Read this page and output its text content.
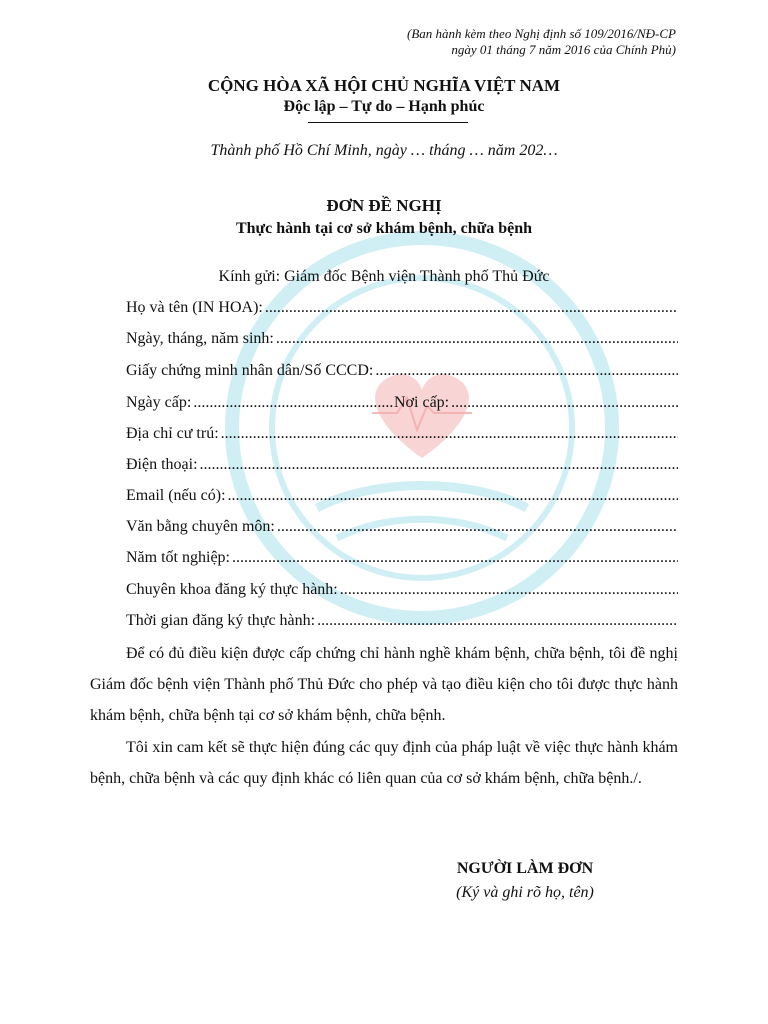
(Ban hành kèm theo Nghị định số 109/2016/NĐ-CP
ngày 01 tháng 7 năm 2016 của Chính Phủ)
CỘNG HÒA XÃ HỘI CHỦ NGHĨA VIỆT NAM
Độc lập – Tự do – Hạnh phúc
Thành phố Hồ Chí Minh, ngày … tháng … năm 202…
ĐƠN ĐỀ NGHỊ
Thực hành tại cơ sở khám bệnh, chữa bệnh
Kính gửi: Giám đốc Bệnh viện Thành phố Thủ Đức
Họ và tên (IN HOA):
.....
Ngày, tháng, năm sinh:
.....
Giấy chứng minh nhân dân/Số CCCD:
.....
Ngày cấp:
.....	Nơi cấp:
.....
Địa chỉ cư trú:
.....
Điện thoại:
.....
Email (nếu có):
.....
Văn bằng chuyên môn:
.....
Năm tốt nghiệp:
.....
Chuyên khoa đăng ký thực hành:
.....
Thời gian đăng ký thực hành:
.....
Để có đủ điều kiện được cấp chứng chỉ hành nghề khám bệnh, chữa bệnh, tôi đề nghị Giám đốc bệnh viện Thành phố Thủ Đức cho phép và tạo điều kiện cho tôi được thực hành khám bệnh, chữa bệnh tại cơ sở khám bệnh, chữa bệnh.
Tôi xin cam kết sẽ thực hiện đúng các quy định của pháp luật về việc thực hành khám bệnh, chữa bệnh và các quy định khác có liên quan của cơ sở khám bệnh, chữa bệnh./.
NGƯỜI LÀM ĐƠN
(Ký và ghi rõ họ, tên)
